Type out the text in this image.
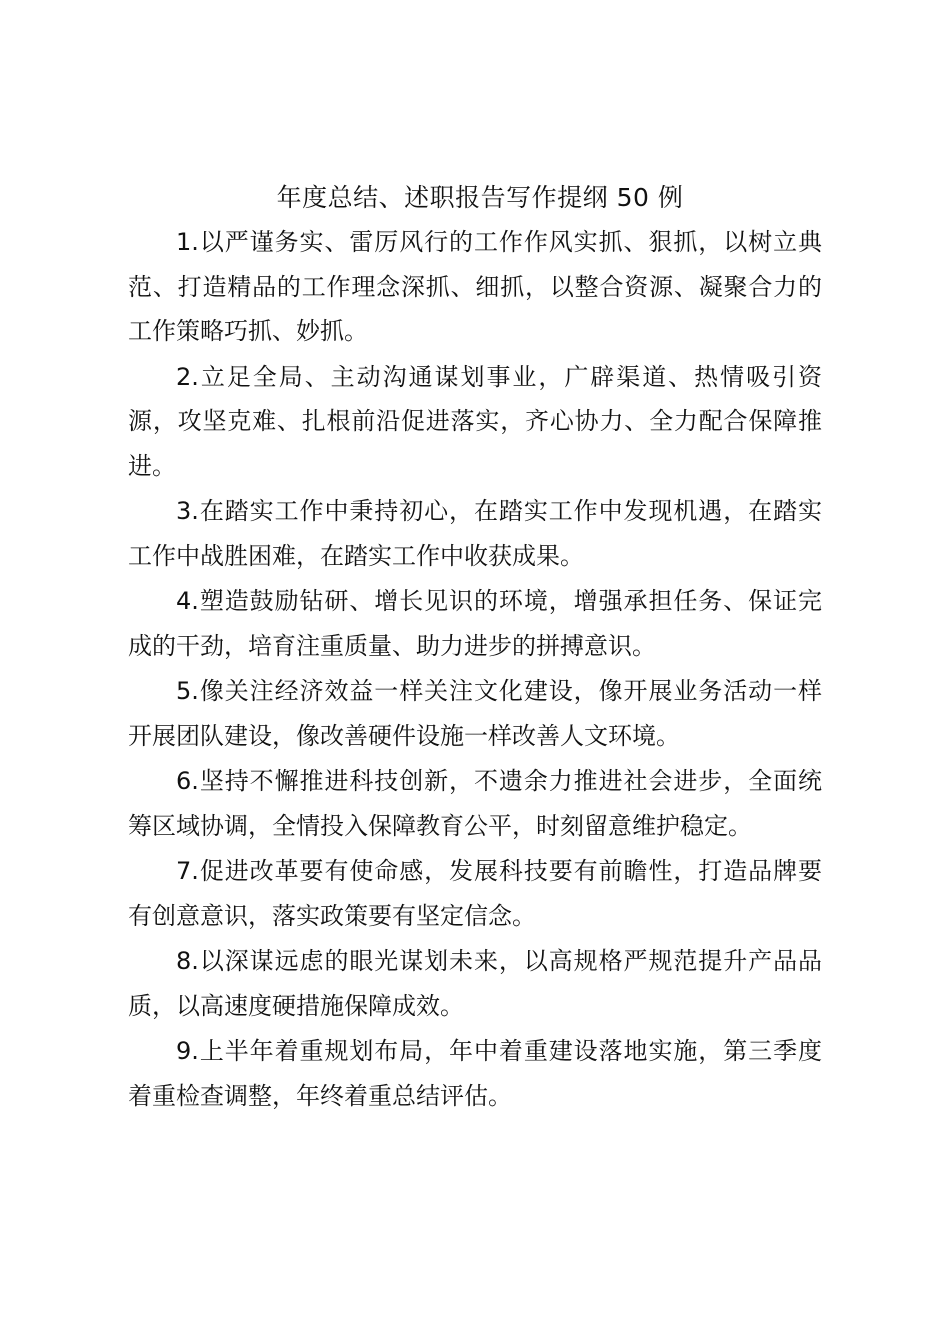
年度总结、述职报告写作提纲 50 例

1.以严谨务实、雷厉风行的工作作风实抓、狠抓，以树立典范、打造精品的工作理念深抓、细抓，以整合资源、凝聚合力的工作策略巧抓、妙抓。

2.立足全局、主动沟通谋划事业，广辟渠道、热情吸引资源，攻坚克难、扎根前沿促进落实，齐心协力、全力配合保障推进。

3.在踏实工作中秉持初心，在踏实工作中发现机遇，在踏实工作中战胜困难，在踏实工作中收获成果。

4.塑造鼓励钻研、增长见识的环境，增强承担任务、保证完成的干劲，培育注重质量、助力进步的拼搏意识。

5.像关注经济效益一样关注文化建设，像开展业务活动一样开展团队建设，像改善硬件设施一样改善人文环境。

6.坚持不懈推进科技创新，不遗余力推进社会进步，全面统筹区域协调，全情投入保障教育公平，时刻留意维护稳定。

7.促进改革要有使命感，发展科技要有前瞻性，打造品牌要有创意意识，落实政策要有坚定信念。

8.以深谋远虑的眼光谋划未来，以高规格严规范提升产品品质，以高速度硬措施保障成效。

9.上半年着重规划布局，年中着重建设落地实施，第三季度着重检查调整，年终着重总结评估。
